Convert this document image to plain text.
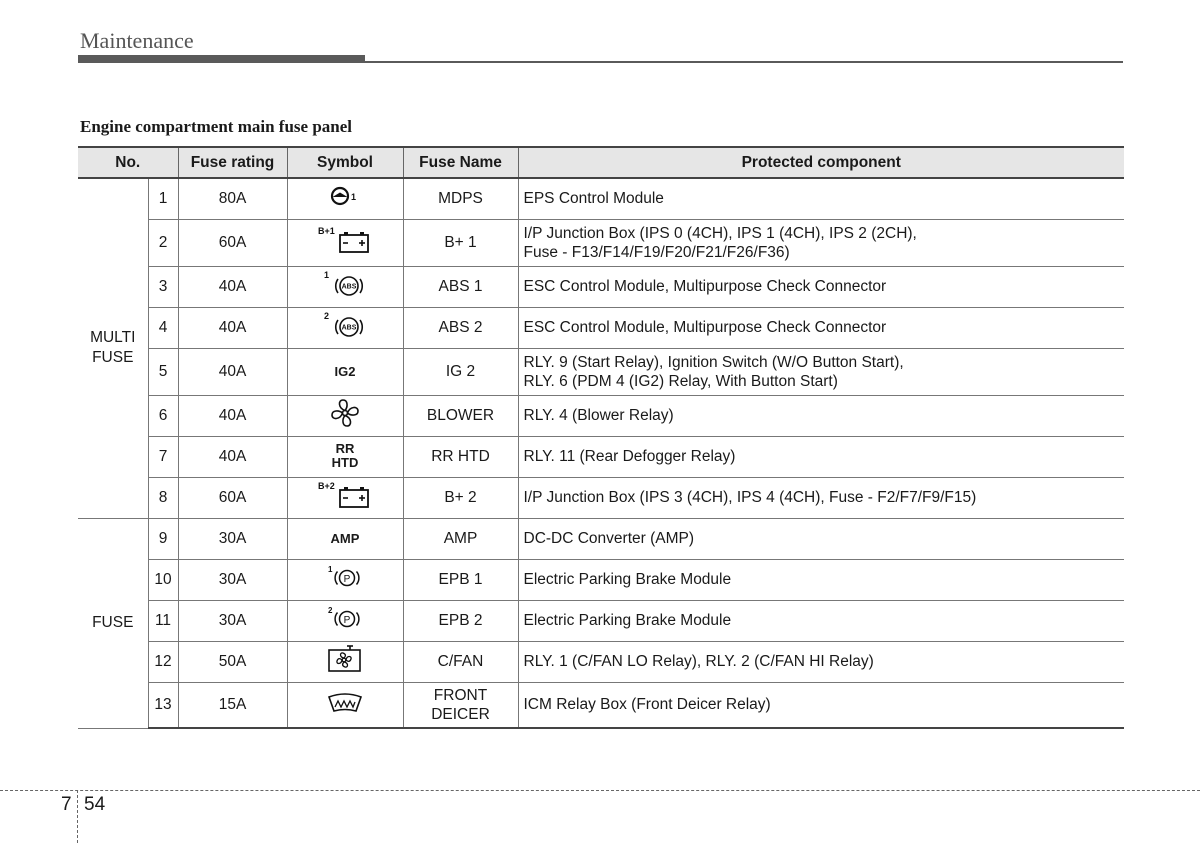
Maintenance
Engine compartment main fuse panel
No.		Fuse rating	Symbol	Fuse Name	Protected component

MULTI
FUSE	1	80A	1	MDPS	EPS Control Module
	2	60A	B+1	B+ 1	I/P Junction Box (IPS 0 (4CH), IPS 1 (4CH), IPS 2 (2CH),
Fuse - F13/F14/F19/F20/F21/F26/F36)

	3	40A	1
ABS	ABS 1	ESC Control Module, Multipurpose Check Connector
	4	40A	2
ABS	ABS 2	ESC Control Module, Multipurpose Check Connector
	5	40A	IG2	IG 2	RLY. 9 (Start Relay), Ignition Switch (W/O Button Start),
RLY. 6 (PDM 4 (IG2) Relay, With Button Start)

	6	40A		BLOWER	RLY. 4 (Blower Relay)
	7	40A	RR
HTD	RR HTD	RLY. 11 (Rear Defogger Relay)
	8	60A	B+2	B+ 2	I/P Junction Box (IPS 3 (4CH), IPS 4 (4CH), Fuse - F2/F7/F9/F15)

FUSE	9	30A	AMP	AMP	DC-DC Converter (AMP)
	10	30A	1
P	EPB 1	Electric Parking Brake Module
	11	30A	2
P	EPB 2	Electric Parking Brake Module
	12	50A		C/FAN	RLY. 1 (C/FAN LO Relay), RLY. 2 (C/FAN HI Relay)
	13	15A		FRONT
DEICER	ICM Relay Box (Front Deicer Relay)
7 54
